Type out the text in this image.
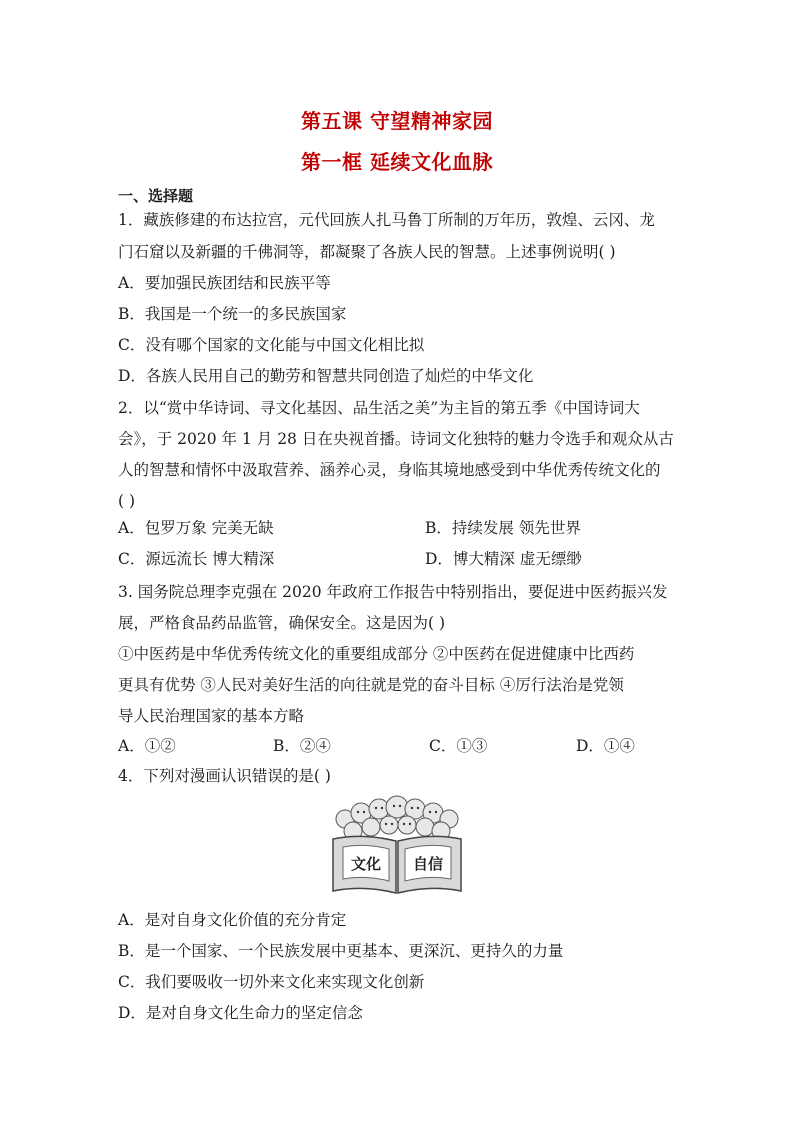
第五课 守望精神家园
第一框 延续文化血脉
一、选择题
1．藏族修建的布达拉宫，元代回族人扎马鲁丁所制的万年历，敦煌、云冈、龙
门石窟以及新疆的千佛洞等，都凝聚了各族人民的智慧。上述事例说明( )
A．要加强民族团结和民族平等
B．我国是一个统一的多民族国家
C．没有哪个国家的文化能与中国文化相比拟
D．各族人民用自己的勤劳和智慧共同创造了灿烂的中华文化
2．以“赏中华诗词、寻文化基因、品生活之美”为主旨的第五季《中国诗词大
会》，于 2020 年 1 月 28 日在央视首播。诗词文化独特的魅力令选手和观众从古
人的智慧和情怀中汲取营养、涵养心灵，身临其境地感受到中华优秀传统文化的
( )
A．包罗万象 完美无缺	B．持续发展 领先世界
C．源远流长 博大精深	D．博大精深 虚无缥缈
3. 国务院总理李克强在 2020 年政府工作报告中特别指出，要促进中医药振兴发
展，严格食品药品监管，确保安全。这是因为( )
①中医药是中华优秀传统文化的重要组成部分 ②中医药在促进健康中比西药
更具有优势 ③人民对美好生活的向往就是党的奋斗目标 ④厉行法治是党领
导人民治理国家的基本方略
A．①②	B．②④	C．①③	D．①④
4．下列对漫画认识错误的是( )
文化 自信
A．是对自身文化价值的充分肯定
B．是一个国家、一个民族发展中更基本、更深沉、更持久的力量
C．我们要吸收一切外来文化来实现文化创新
D．是对自身文化生命力的坚定信念
